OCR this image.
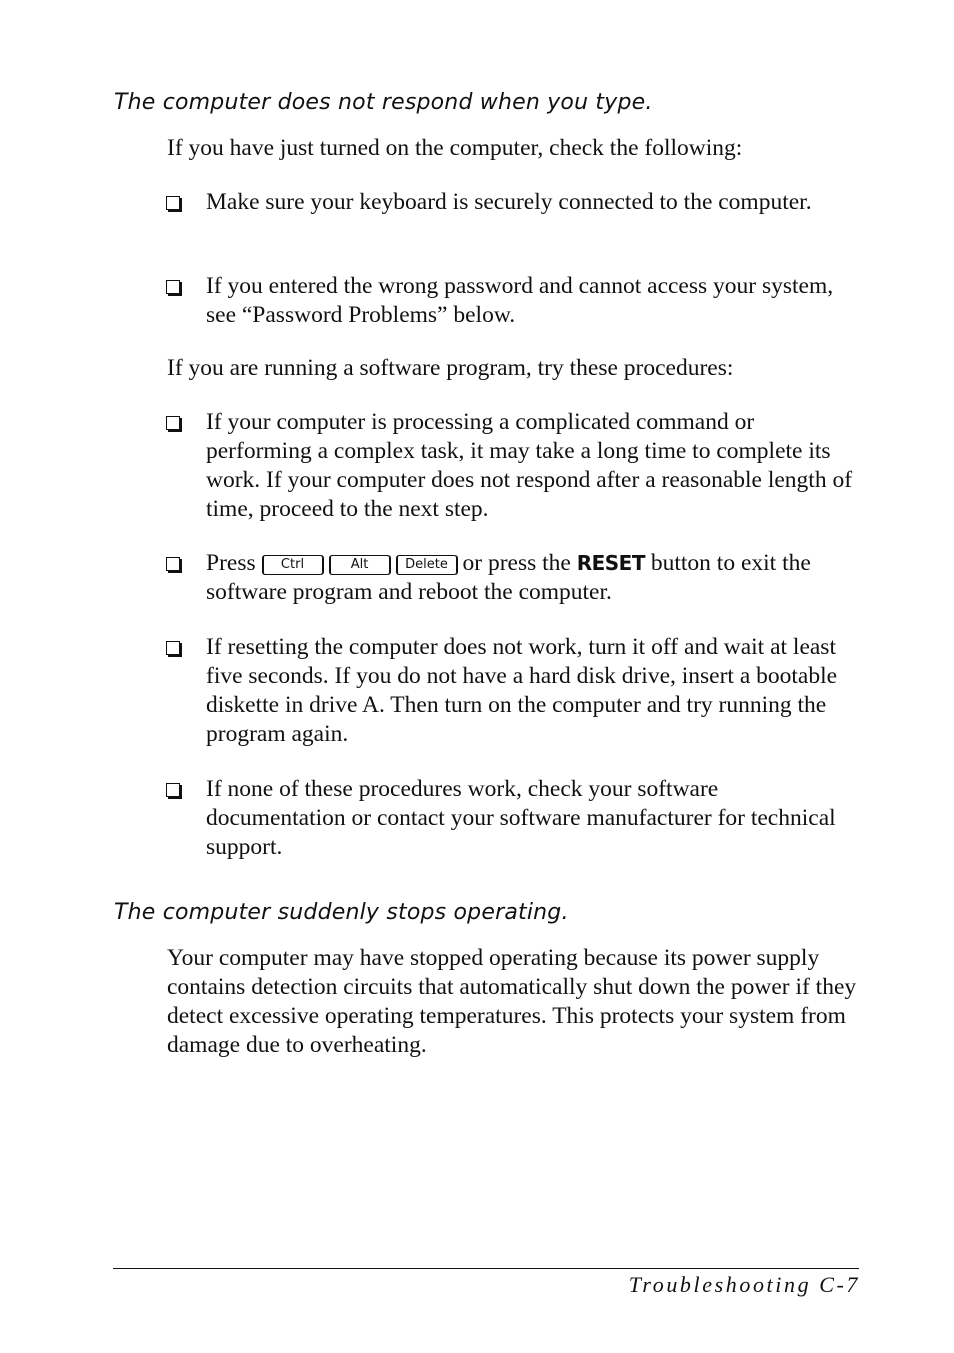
The computer does not respond when you type.

If you have just turned on the computer, check the following:

Make sure your keyboard is securely connected to the computer.
If you entered the wrong password and cannot access your system, see “Password Problems” below.

If you are running a software program, try these procedures:

If your computer is processing a complicated command or performing a complex task, it may take a long time to complete its work. If your computer does not respond after a reasonable length of time, proceed to the next step.
Press Ctrl	Alt	Delete or press the RESET button to exit the software program and reboot the computer.
If resetting the computer does not work, turn it off and wait at least five seconds. If you do not have a hard disk drive, insert a bootable diskette in drive A. Then turn on the computer and try running the program again.
If none of these procedures work, check your software documentation or contact your software manufacturer for technical support.
The computer suddenly stops operating.

Your computer may have stopped operating because its power supply contains detection circuits that automatically shut down the power if they detect excessive operating temperatures. This protects your system from damage due to overheating.

Troubleshooting C-7
